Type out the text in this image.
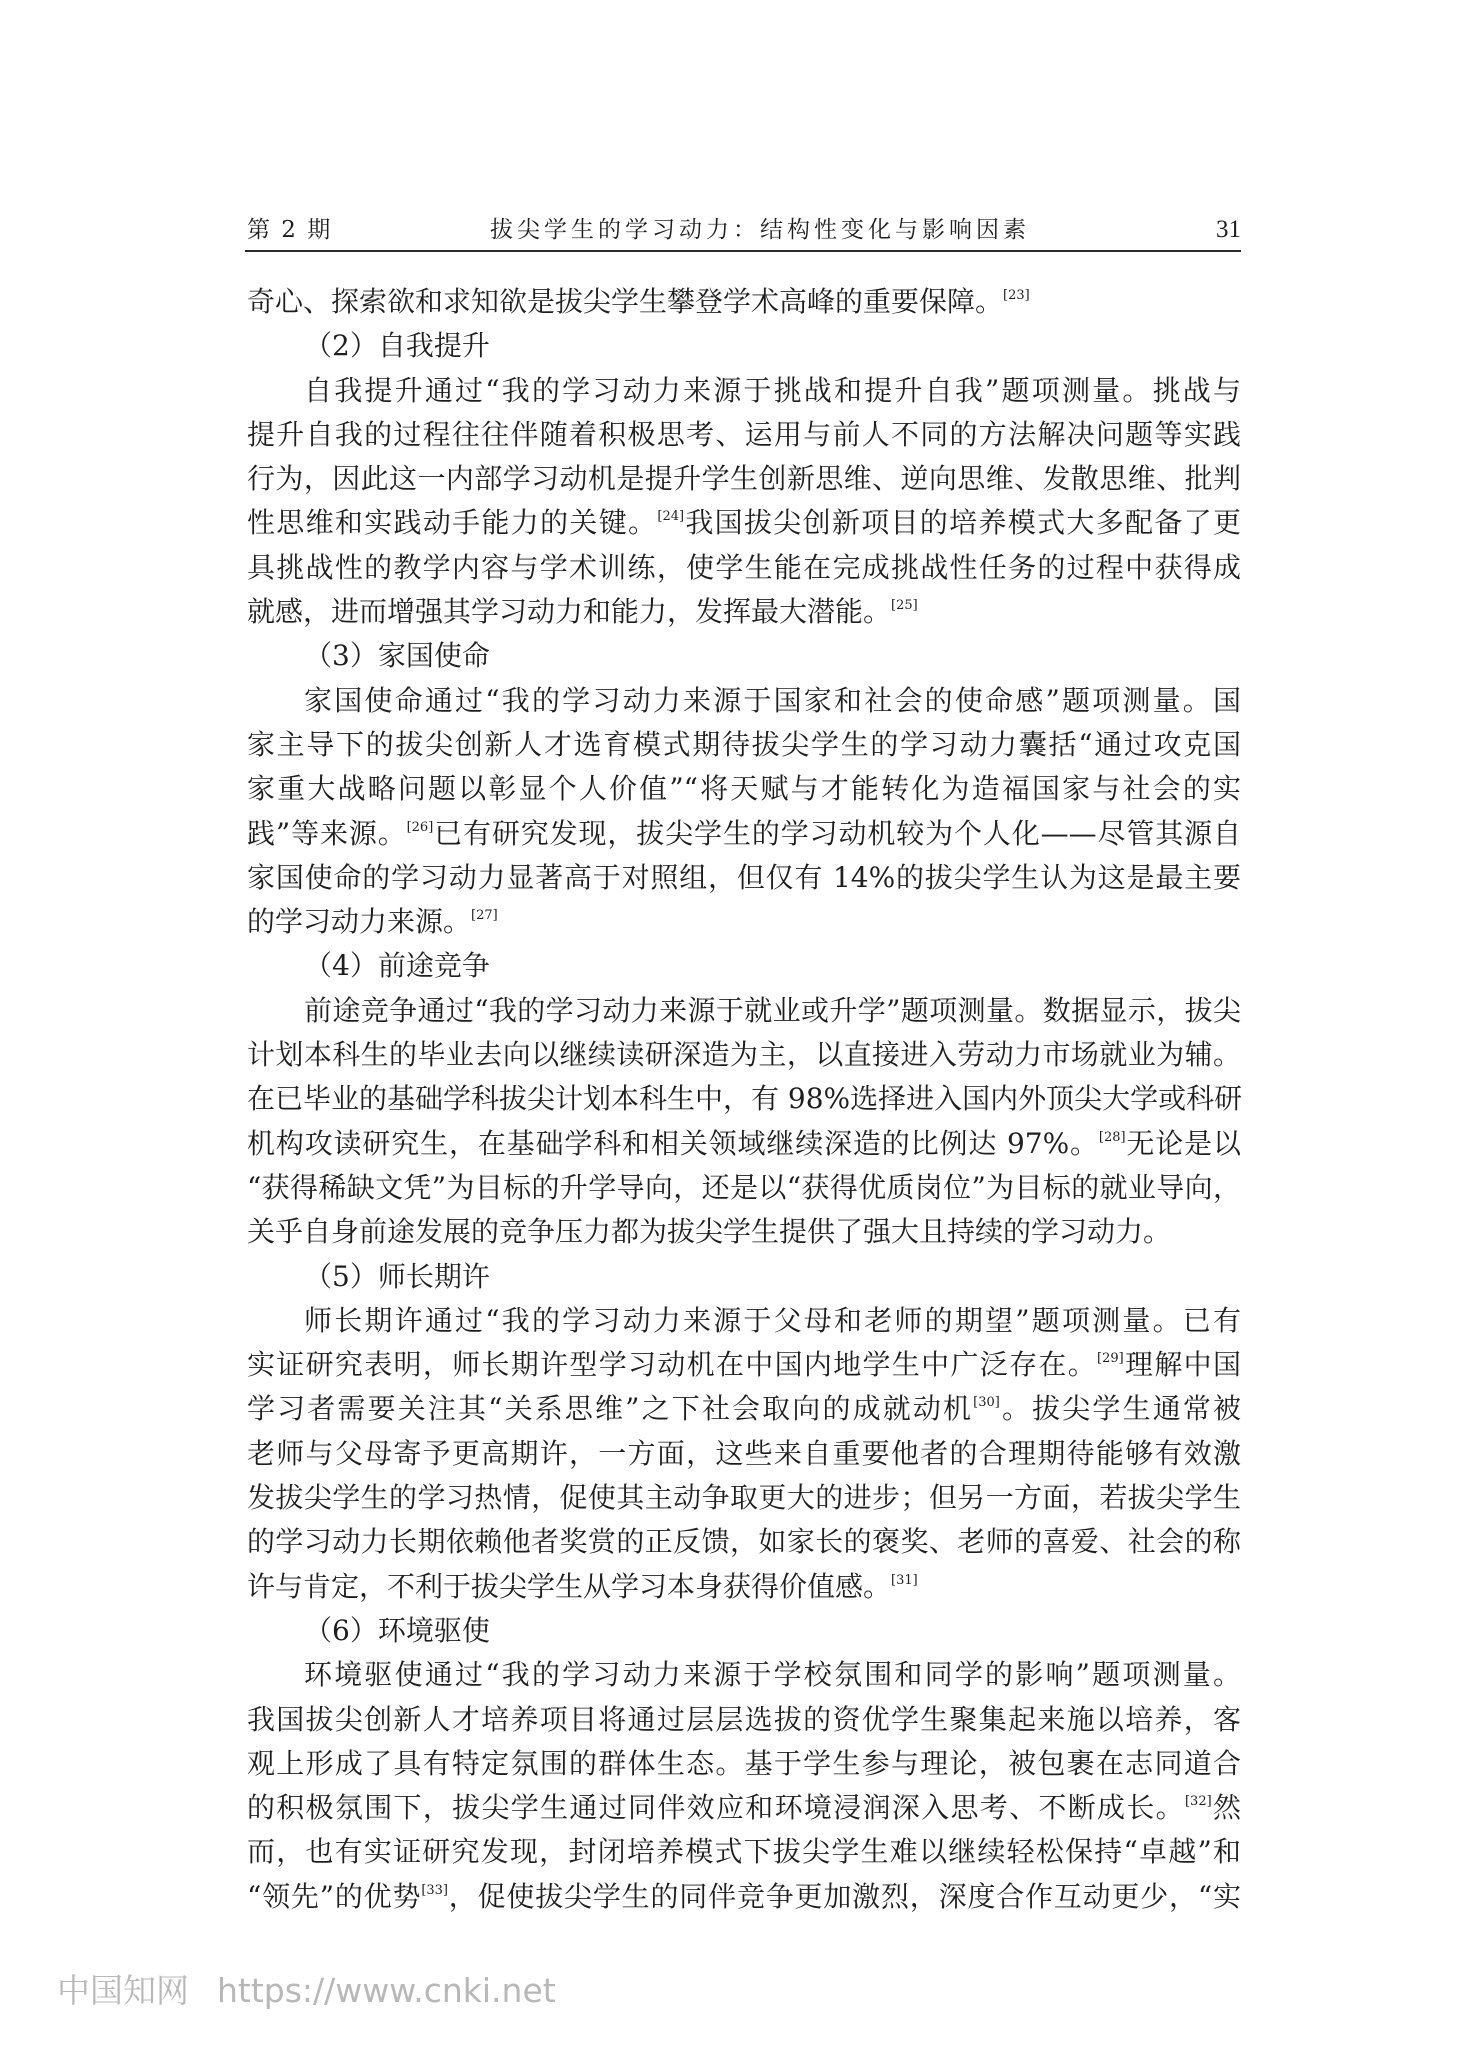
第 2 期	拔尖学生的学习动力：结构性变化与影响因素	31
奇心、探索欲和求知欲是拔尖学生攀登学术高峰的重要保障。[23]
（2）自我提升
自我提升通过“我的学习动力来源于挑战和提升自我”题项测量。挑战与
提升自我的过程往往伴随着积极思考、运用与前人不同的方法解决问题等实践
行为，因此这一内部学习动机是提升学生创新思维、逆向思维、发散思维、批判
性思维和实践动手能力的关键。[24]我国拔尖创新项目的培养模式大多配备了更
具挑战性的教学内容与学术训练，使学生能在完成挑战性任务的过程中获得成
就感，进而增强其学习动力和能力，发挥最大潜能。[25]
（3）家国使命
家国使命通过“我的学习动力来源于国家和社会的使命感”题项测量。国
家主导下的拔尖创新人才选育模式期待拔尖学生的学习动力囊括“通过攻克国
家重大战略问题以彰显个人价值”“将天赋与才能转化为造福国家与社会的实
践”等来源。[26]已有研究发现，拔尖学生的学习动机较为个人化——尽管其源自
家国使命的学习动力显著高于对照组，但仅有 14%的拔尖学生认为这是最主要
的学习动力来源。[27]
（4）前途竞争
前途竞争通过“我的学习动力来源于就业或升学”题项测量。数据显示，拔尖
计划本科生的毕业去向以继续读研深造为主，以直接进入劳动力市场就业为辅。
在已毕业的基础学科拔尖计划本科生中，有 98%选择进入国内外顶尖大学或科研
机构攻读研究生，在基础学科和相关领域继续深造的比例达 97%。[28]无论是以
“获得稀缺文凭”为目标的升学导向，还是以“获得优质岗位”为目标的就业导向，
关乎自身前途发展的竞争压力都为拔尖学生提供了强大且持续的学习动力。
（5）师长期许
师长期许通过“我的学习动力来源于父母和老师的期望”题项测量。已有
实证研究表明，师长期许型学习动机在中国内地学生中广泛存在。[29]理解中国
学习者需要关注其“关系思维”之下社会取向的成就动机[30]。拔尖学生通常被
老师与父母寄予更高期许，一方面，这些来自重要他者的合理期待能够有效激
发拔尖学生的学习热情，促使其主动争取更大的进步；但另一方面，若拔尖学生
的学习动力长期依赖他者奖赏的正反馈，如家长的褒奖、老师的喜爱、社会的称
许与肯定，不利于拔尖学生从学习本身获得价值感。[31]
（6）环境驱使
环境驱使通过“我的学习动力来源于学校氛围和同学的影响”题项测量。
我国拔尖创新人才培养项目将通过层层选拔的资优学生聚集起来施以培养，客
观上形成了具有特定氛围的群体生态。基于学生参与理论，被包裹在志同道合
的积极氛围下，拔尖学生通过同伴效应和环境浸润深入思考、不断成长。[32]然
而，也有实证研究发现，封闭培养模式下拔尖学生难以继续轻松保持“卓越”和
“领先”的优势[33]，促使拔尖学生的同伴竞争更加激烈，深度合作互动更少，“实
中国知网 https://www.cnki.net
